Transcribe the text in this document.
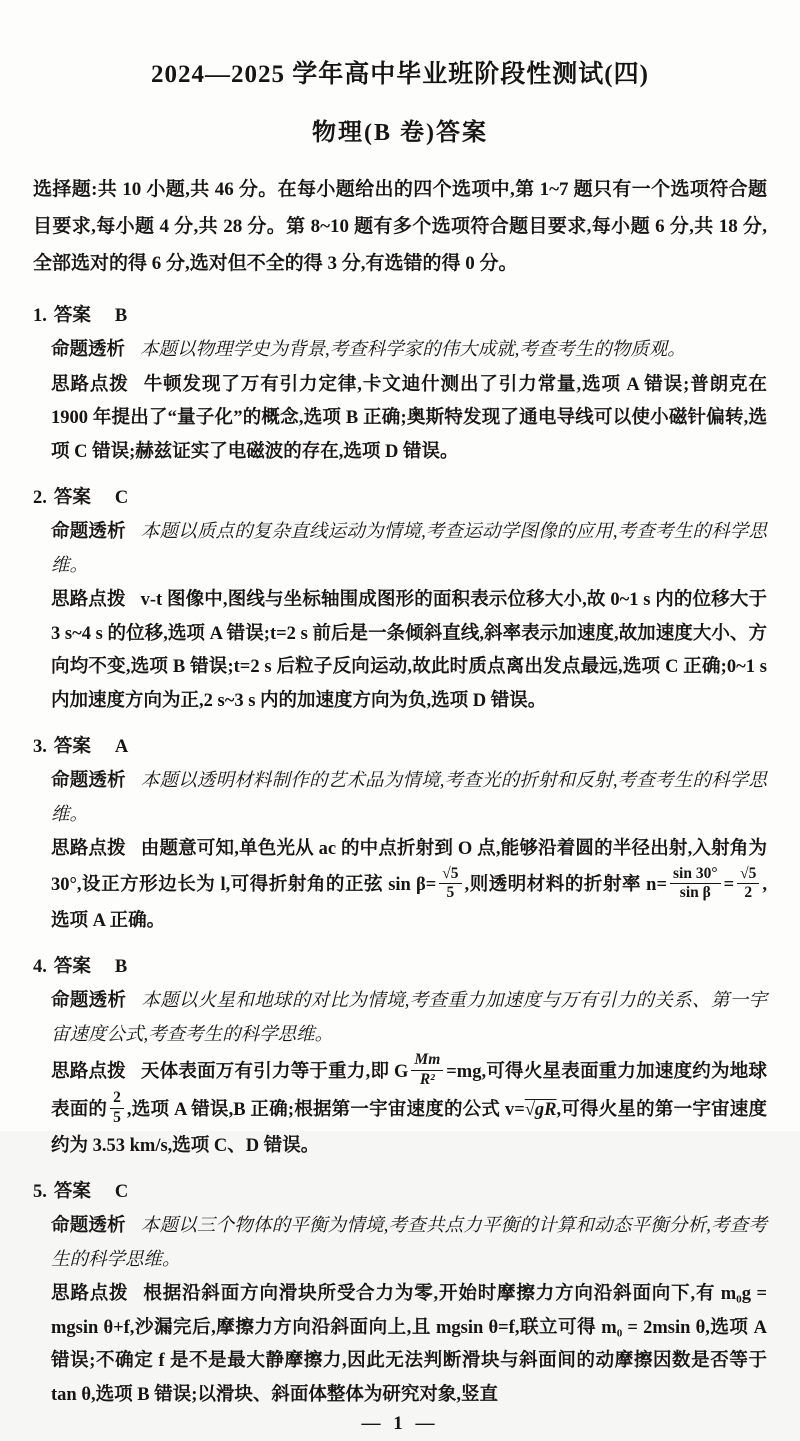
2024—2025 学年高中毕业班阶段性测试(四)
物理(B 卷)答案

选择题:共 10 小题,共 46 分。在每小题给出的四个选项中,第 1~7 题只有一个选项符合题目要求,每小题 4 分,共 28 分。第 8~10 题有多个选项符合题目要求,每小题 6 分,共 18 分,全部选对的得 6 分,选对但不全的得 3 分,有选错的得 0 分。

1. 答案 B

命题透析 本题以物理学史为背景,考查科学家的伟大成就,考查考生的物质观。

思路点拨 牛顿发现了万有引力定律,卡文迪什测出了引力常量,选项 A 错误;普朗克在 1900 年提出了“量子化”的概念,选项 B 正确;奥斯特发现了通电导线可以使小磁针偏转,选项 C 错误;赫兹证实了电磁波的存在,选项 D 错误。

2. 答案 C

命题透析 本题以质点的复杂直线运动为情境,考查运动学图像的应用,考查考生的科学思维。

思路点拨 v-t 图像中,图线与坐标轴围成图形的面积表示位移大小,故 0~1 s 内的位移大于 3 s~4 s 的位移,选项 A 错误;t=2 s 前后是一条倾斜直线,斜率表示加速度,故加速度大小、方向均不变,选项 B 错误;t=2 s 后粒子反向运动,故此时质点离出发点最远,选项 C 正确;0~1 s 内加速度方向为正,2 s~3 s 内的加速度方向为负,选项 D 错误。

3. 答案 A

命题透析 本题以透明材料制作的艺术品为情境,考查光的折射和反射,考查考生的科学思维。

思路点拨 由题意可知,单色光从 ac 的中点折射到 O 点,能够沿着圆的半径出射,入射角为 30°,设正方形边长为 l,可得折射角的正弦 $\sin \beta= \frac{√5}{5}$ ,则透明材料的折射率 $n= \frac{\sin 30^\circ}{\text{sin β}} = \frac{√5}{2}$ ,选项 A 正确。

4. 答案 B

命题透析 本题以火星和地球的对比为情境,考查重力加速度与万有引力的关系、第一宇宙速度公式,考查考生的科学思维。

思路点拨 天体表面万有引力等于重力,即 G $\frac{Mm}{\text{R²}} =mg$,可得火星表面重力加速度约为地球表面的 $\frac{2}{5}$ ,选项 A 错误,B 正确;根据第一宇宙速度的公式 v=√gR,可得火星的第一宇宙速度约为 3.53 km/s,选项 C、D 错误。

5. 答案 C

命题透析 本题以三个物体的平衡为情境,考查共点力平衡的计算和动态平衡分析,考查考生的科学思维。

思路点拨 根据沿斜面方向滑块所受合力为零,开始时摩擦力方向沿斜面向下,有 m₀g = mgsin θ+f,沙漏完后,摩擦力方向沿斜面向上,且 mgsin θ=f,联立可得 m₀ = 2msin θ,选项 A 错误;不确定 f 是不是最大静摩擦力,因此无法判断滑块与斜面间的动摩擦因数是否等于 tan θ,选项 B 错误;以滑块、斜面体整体为研究对象,竖直

— 1 —
